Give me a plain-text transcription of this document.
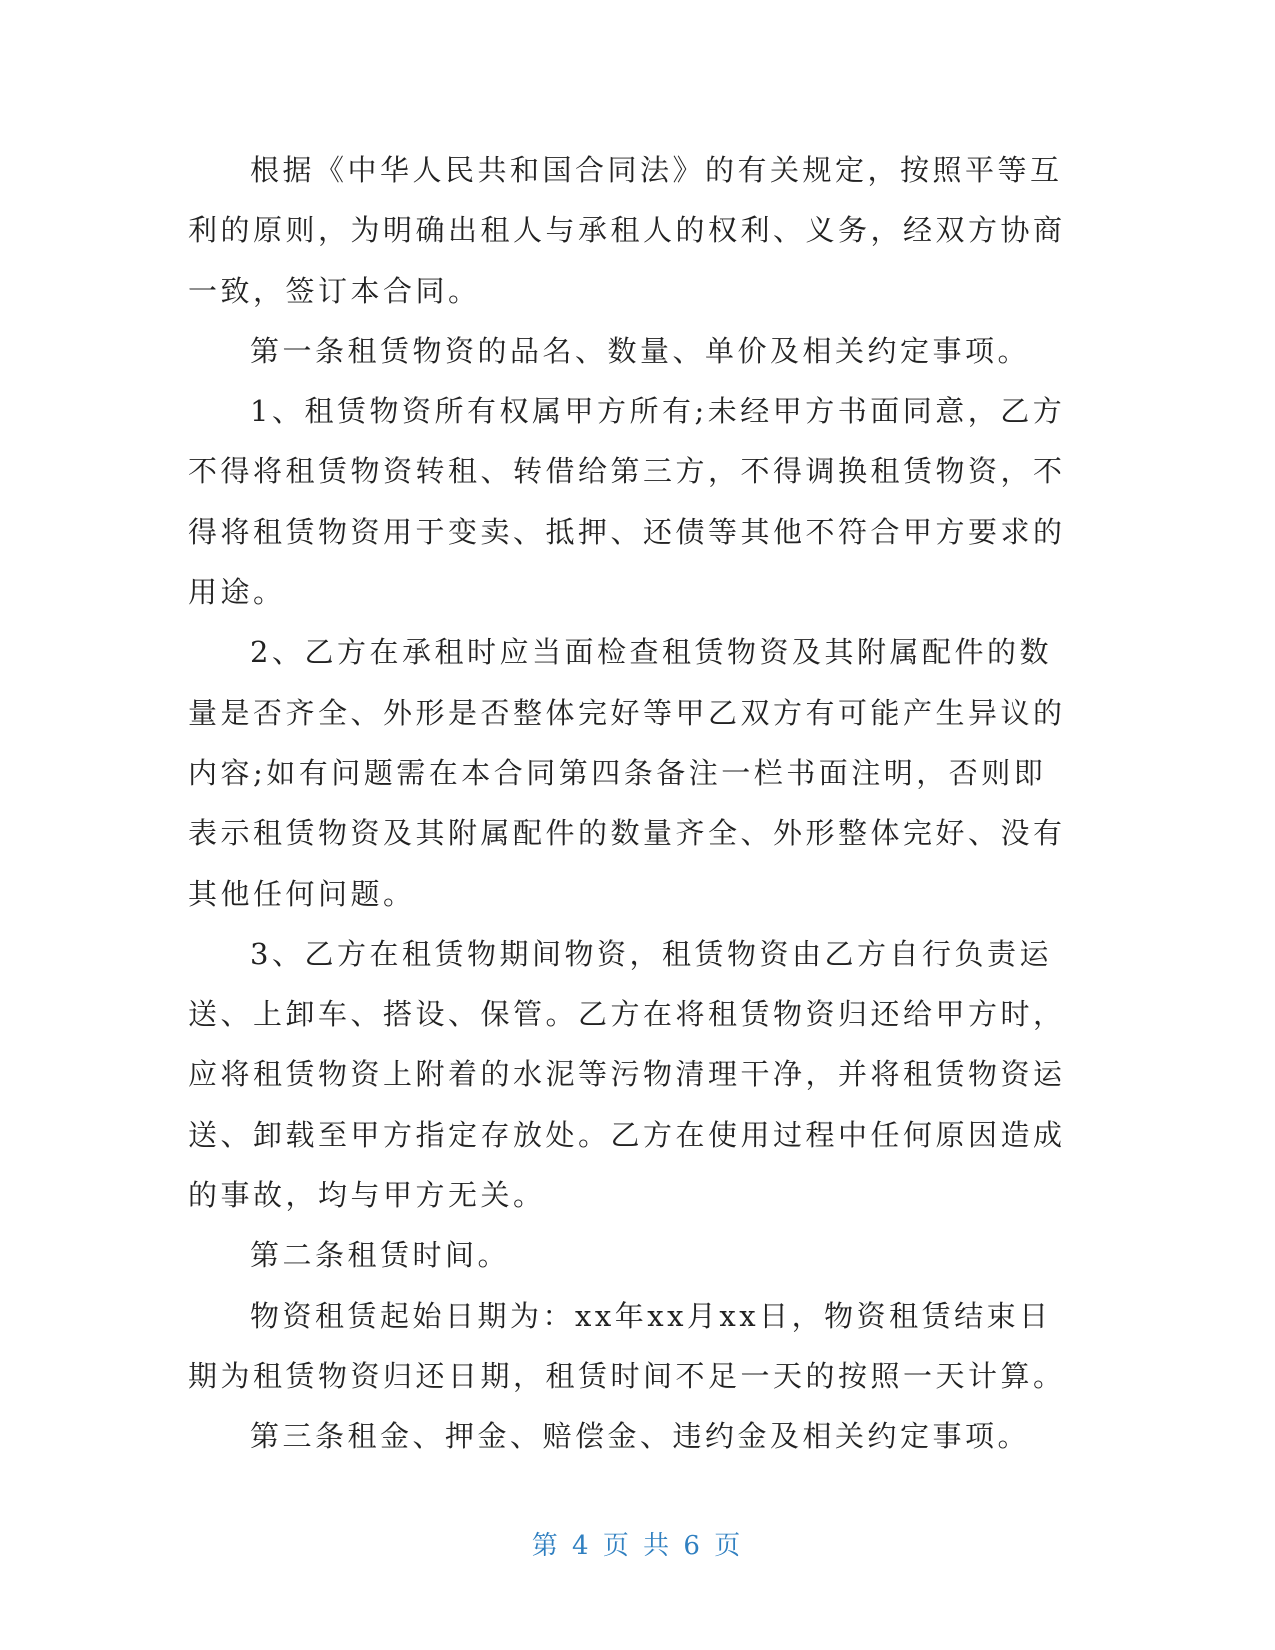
根据《中华人民共和国合同法》的有关规定，按照平等互利的原则，为明确出租人与承租人的权利、义务，经双方协商一致，签订本合同。

第一条租赁物资的品名、数量、单价及相关约定事项。

1、租赁物资所有权属甲方所有;未经甲方书面同意，乙方不得将租赁物资转租、转借给第三方，不得调换租赁物资，不得将租赁物资用于变卖、抵押、还债等其他不符合甲方要求的用途。

2、乙方在承租时应当面检查租赁物资及其附属配件的数量是否齐全、外形是否整体完好等甲乙双方有可能产生异议的内容;如有问题需在本合同第四条备注一栏书面注明，否则即表示租赁物资及其附属配件的数量齐全、外形整体完好、没有其他任何问题。

3、乙方在租赁物期间物资，租赁物资由乙方自行负责运送、上卸车、搭设、保管。乙方在将租赁物资归还给甲方时，应将租赁物资上附着的水泥等污物清理干净，并将租赁物资运送、卸载至甲方指定存放处。乙方在使用过程中任何原因造成的事故，均与甲方无关。

第二条租赁时间。

物资租赁起始日期为：xx年xx月xx日，物资租赁结束日期为租赁物资归还日期，租赁时间不足一天的按照一天计算。

第三条租金、押金、赔偿金、违约金及相关约定事项。

第 4 页 共 6 页
